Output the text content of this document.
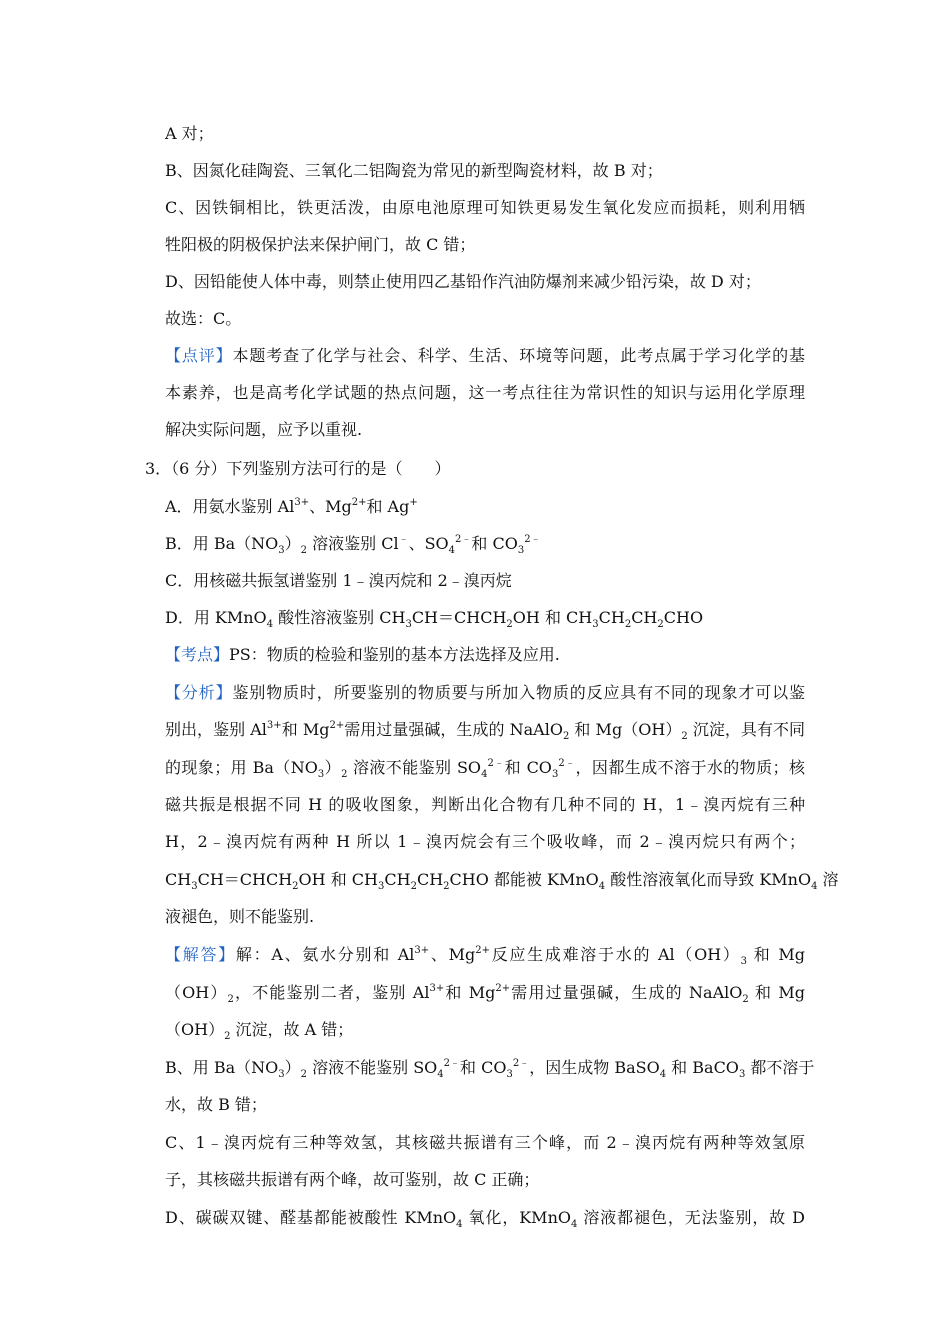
A 对；
B、因氮化硅陶瓷、三氧化二铝陶瓷为常见的新型陶瓷材料，故 B 对；
C、因铁铜相比，铁更活泼，由原电池原理可知铁更易发生氧化发应而损耗，则利用牺
牲阳极的阴极保护法来保护闸门，故 C 错；
D、因铅能使人体中毒，则禁止使用四乙基铅作汽油防爆剂来减少铅污染，故 D 对；
故选：C。
【点评】本题考查了化学与社会、科学、生活、环境等问题，此考点属于学习化学的基
本素养，也是高考化学试题的热点问题，这一考点往往为常识性的知识与运用化学原理
解决实际问题，应予以重视.
3．（6 分）下列鉴别方法可行的是（　　）
A．用氨水鉴别 $Al^{3+}$、$Mg^{2+}$和 Ag+
B．用 $Ba(NO_3)_2$ 溶液鉴别 Cl﹣、$SO_4^{2﹣}$和 $CO_3^{2﹣}$
C．用核磁共振氢谱鉴别 1﹣溴丙烷和 2﹣溴丙烷
D．用 KMnO$_4$ 酸性溶液鉴别 $CH_3CH=CHCH_2OH$ 和 $CH_3CH_2CH_2CHO$
【考点】PS：物质的检验和鉴别的基本方法选择及应用.
【分析】鉴别物质时，所要鉴别的物质要与所加入物质的反应具有不同的现象才可以鉴
别出，鉴别 $Al^{3+}$和 $Mg^{2+}$需用过量强碱，生成的 NaAlO$_2$ 和 $Mg(OH)_2$ 沉淀，具有不同
的现象；用 $Ba(NO_3)_2$ 溶液不能鉴别 $SO_4^{2﹣}$和 $CO_3^{2﹣}$，因都生成不溶于水的物质；核
磁共振是根据不同 H 的吸收图象，判断出化合物有几种不同的 H，1﹣溴丙烷有三种
H，2﹣溴丙烷有两种 H 所以 1﹣溴丙烷会有三个吸收峰，而 2﹣溴丙烷只有两个；
$CH_3CH=CHCH_2OH$ 和 $CH_3CH_2CH_2CHO$ 都能被 KMnO$_4$ 酸性溶液氧化而导致 KMnO$_4$ 溶
液褪色，则不能鉴别.
【解答】解：A、氨水分别和 $Al^{3+}$、$Mg^{2+}$反应生成难溶于水的 $Al(OH)_3$ 和 Mg
$(OH)_2$，不能鉴别二者，鉴别 $Al^{3+}$和 $Mg^{2+}$需用过量强碱，生成的 NaAlO$_2$ 和 Mg
$(OH)_2$ 沉淀，故 A 错；
B、用 $Ba(NO_3)_2$ 溶液不能鉴别 $SO_4^{2﹣}$和 $CO_3^{2﹣}$，因生成物 BaSO$_4$ 和 BaCO$_3$ 都不溶于
水，故 B 错；
C、1﹣溴丙烷有三种等效氢，其核磁共振谱有三个峰，而 2﹣溴丙烷有两种等效氢原
子，其核磁共振谱有两个峰，故可鉴别，故 C 正确；
D、碳碳双键、醛基都能被酸性 KMnO$_4$ 氧化，KMnO$_4$ 溶液都褪色，无法鉴别，故 D
